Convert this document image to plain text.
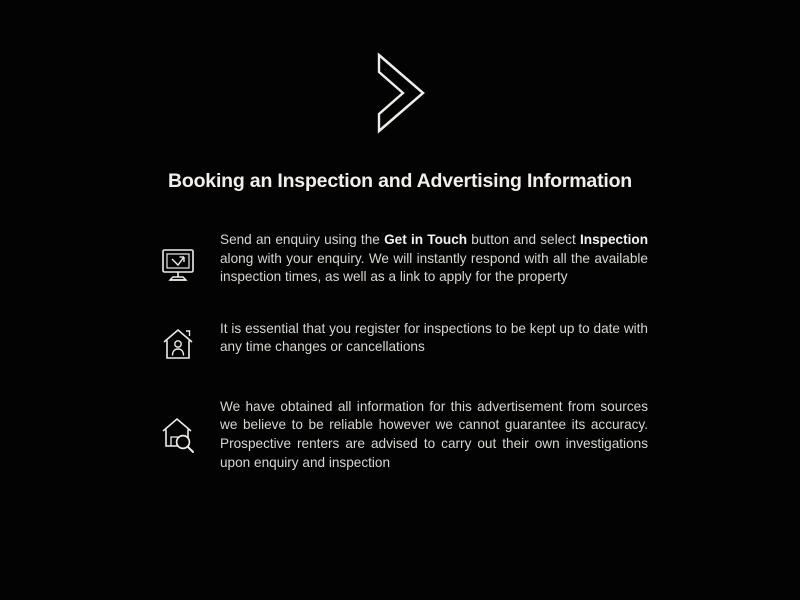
Booking an Inspection and Advertising Information
Send an enquiry using the Get in Touch button and select Inspection along with your enquiry. We will instantly respond with all the available inspection times, as well as a link to apply for the property
It is essential that you register for inspections to be kept up to date with any time changes or cancellations
We have obtained all information for this advertisement from sources we believe to be reliable however we cannot guarantee its accuracy. Prospective renters are advised to carry out their own investigations upon enquiry and inspection
